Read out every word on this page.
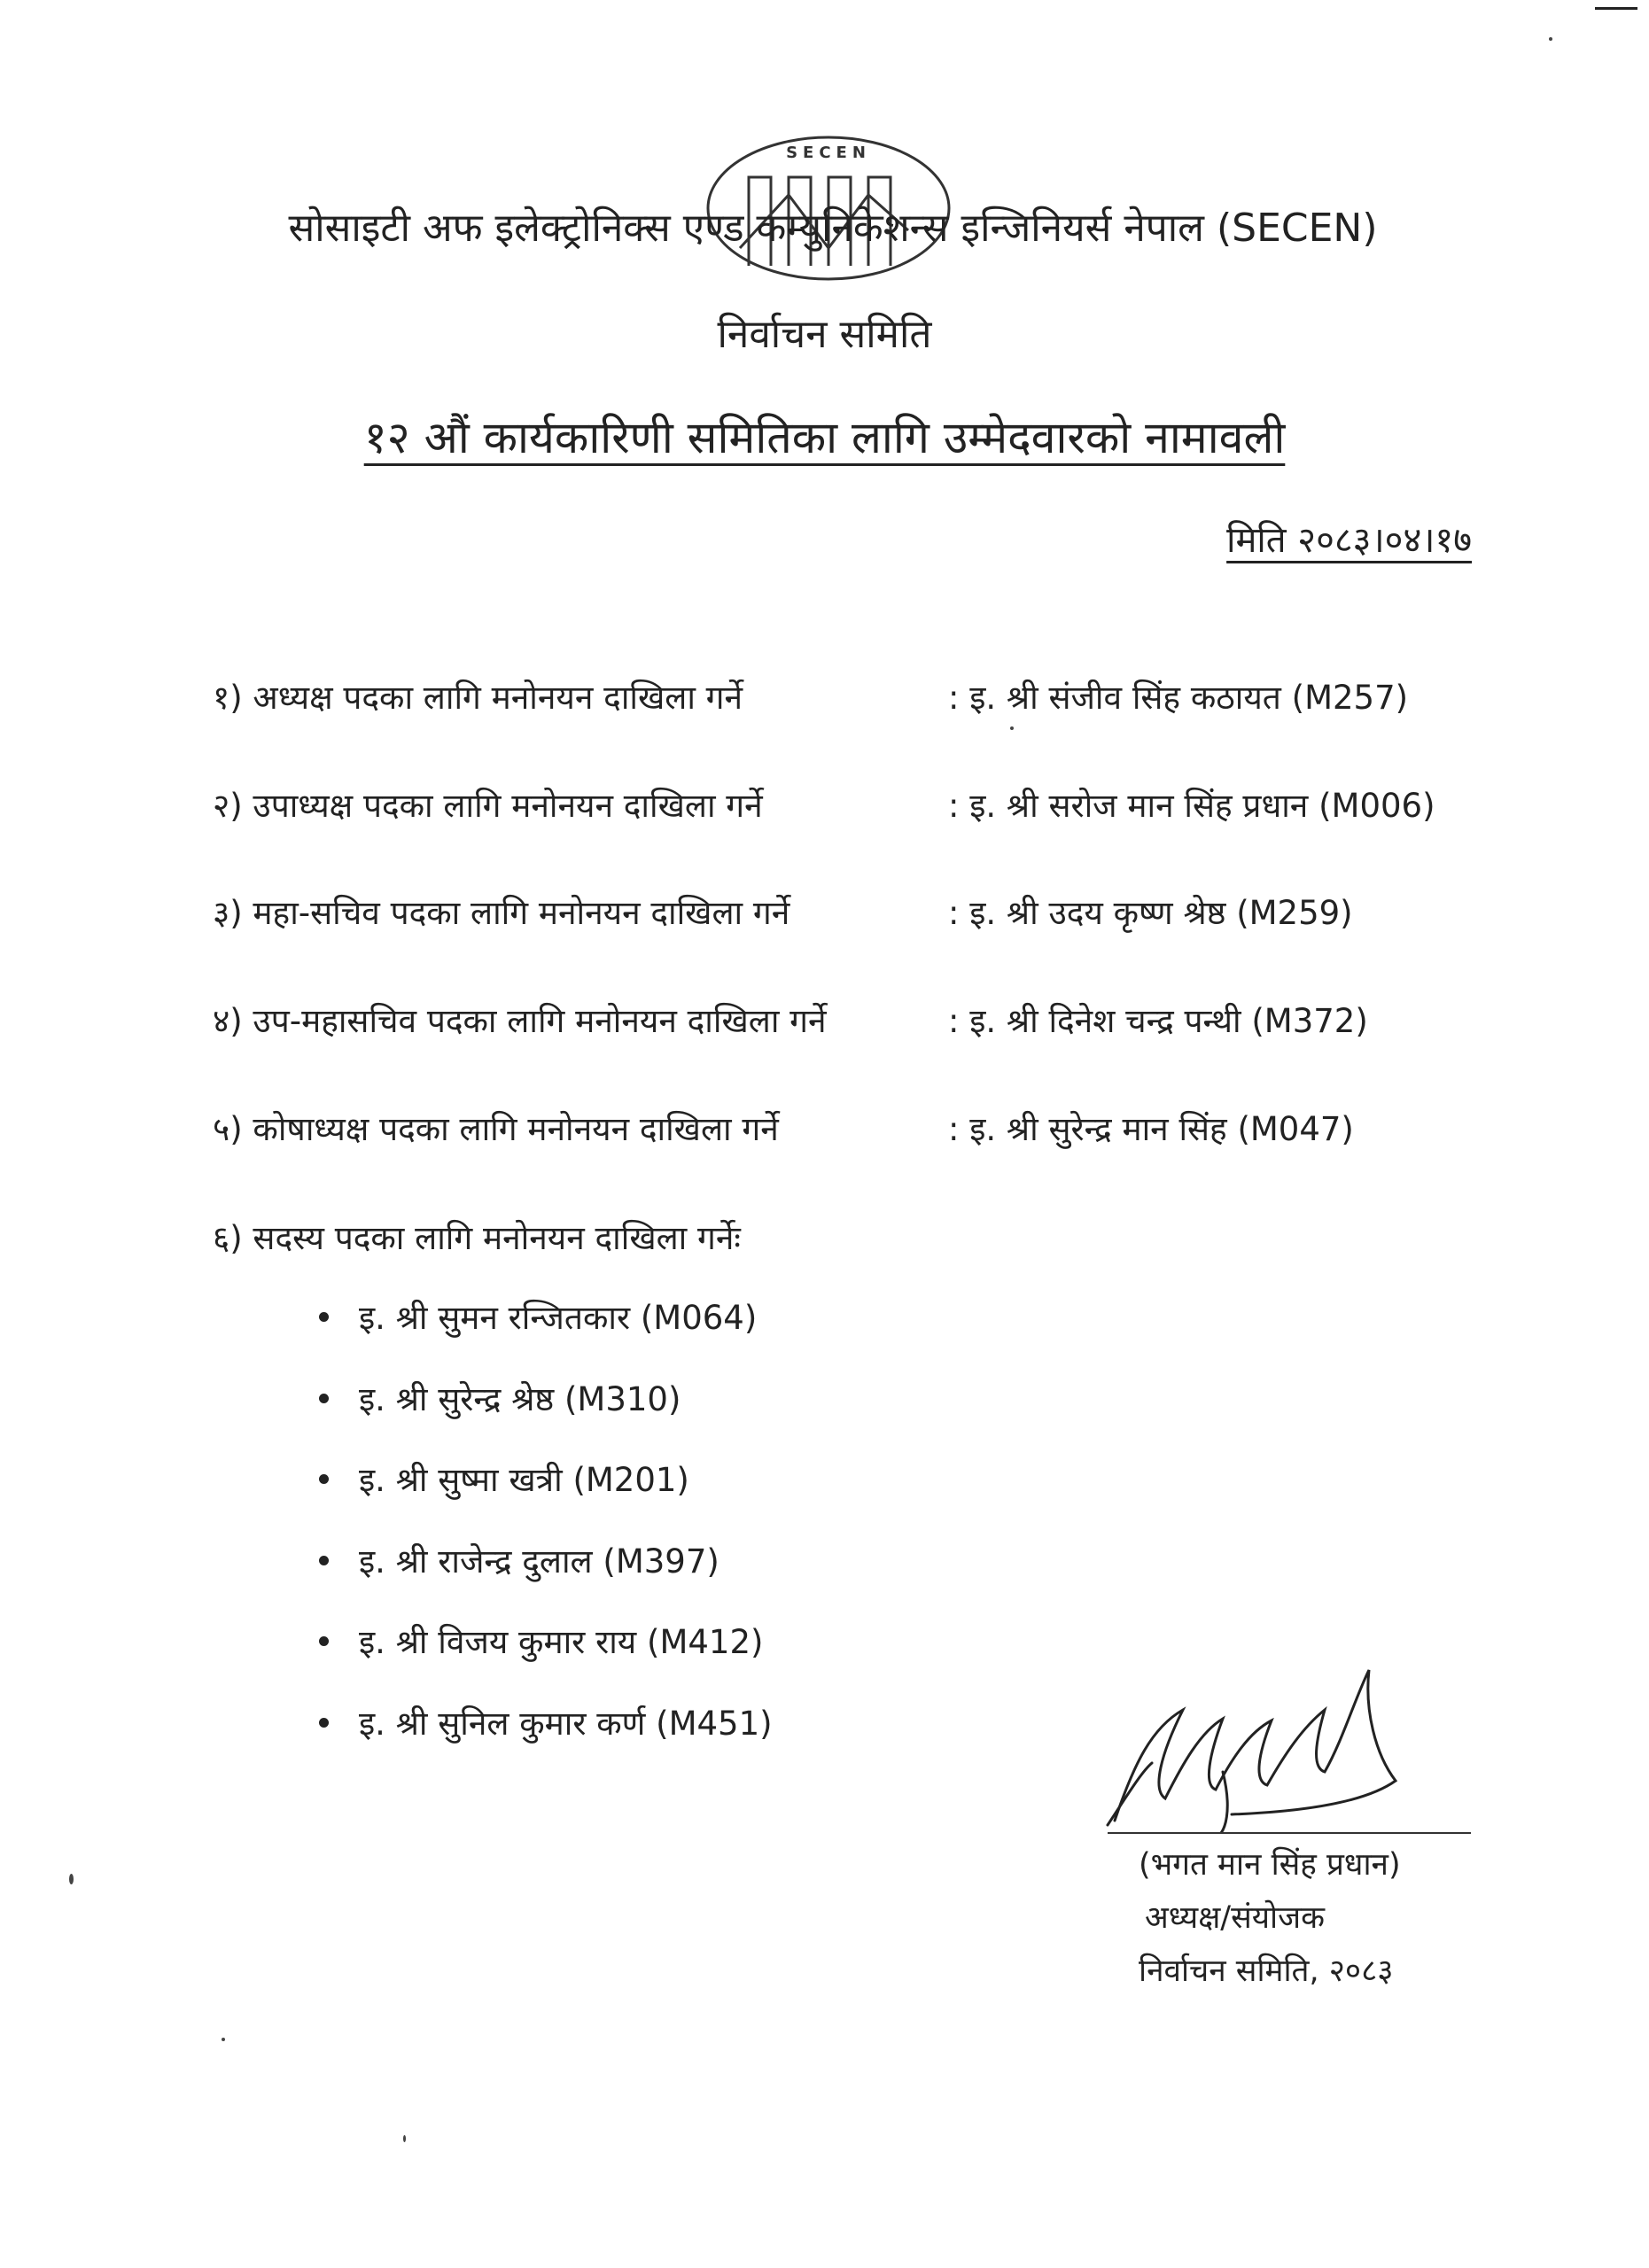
SECEN
सोसाइटी अफ इलेक्ट्रोनिक्स एण्ड कम्युनिकेशन्स इन्जिनियर्स नेपाल (SECEN)
निर्वाचन समिति
१२ औं कार्यकारिणी समितिका लागि उम्मेदवारको नामावली
मिति २०८३।०४।१७
१) अध्यक्ष पदका लागि मनोनयन दाखिला गर्ने	: इ. श्री संजीव सिंह कठायत (M257)
२) उपाध्यक्ष पदका लागि मनोनयन दाखिला गर्ने	: इ. श्री सरोज मान सिंह प्रधान (M006)
३) महा-सचिव पदका लागि मनोनयन दाखिला गर्ने	: इ. श्री उदय कृष्ण श्रेष्ठ (M259)
४) उप-महासचिव पदका लागि मनोनयन दाखिला गर्ने	: इ. श्री दिनेश चन्द्र पन्थी (M372)
५) कोषाध्यक्ष पदका लागि मनोनयन दाखिला गर्ने	: इ. श्री सुरेन्द्र मान सिंह (M047)
६) सदस्य पदका लागि मनोनयन दाखिला गर्नेः
इ. श्री सुमन रन्जितकार (M064)
इ. श्री सुरेन्द्र श्रेष्ठ (M310)
इ. श्री सुष्मा खत्री (M201)
इ. श्री राजेन्द्र दुलाल (M397)
इ. श्री विजय कुमार राय (M412)
इ. श्री सुनिल कुमार कर्ण (M451)
(भगत मान सिंह प्रधान)
अध्यक्ष/संयोजक
निर्वाचन समिति, २०८३
